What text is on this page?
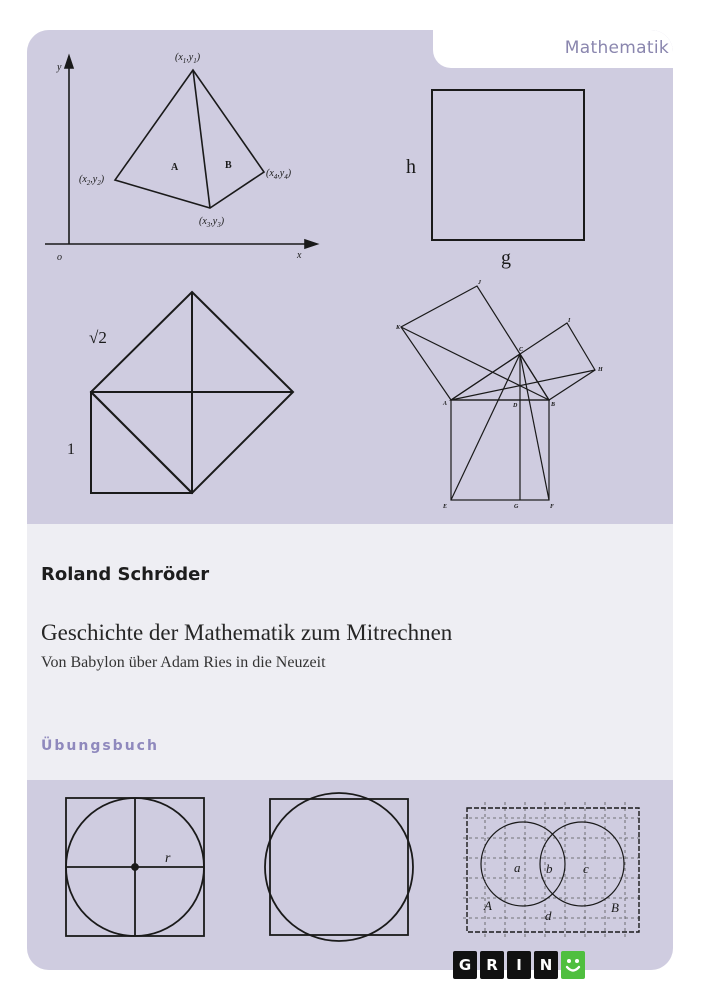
Mathematik
y
x
o
$(x_1,y_1)$
$(x_2,y_2)$
$(x_3,y_3)$
$(x_4,y_4)$
A	B	h
g
√2
1
K
J
I
H
C
A	D	B
E	G	F
Roland Schröder
Geschichte der Mathematik zum Mitrechnen
Von Babylon über Adam Ries in die Neuzeit
Übungsbuch
r
a b c
d
A	B
G	R	I	N
